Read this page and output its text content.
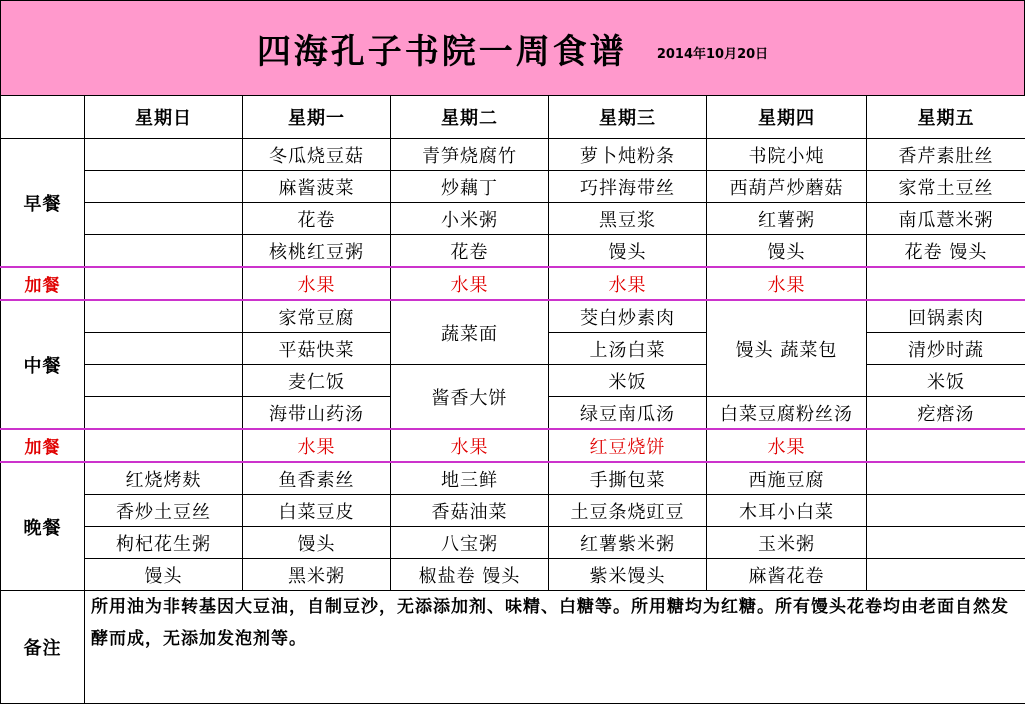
四海孔子书院一周食谱 2014年10月20日
	星期日	星期一	星期二	星期三	星期四	星期五
早餐		冬瓜烧豆菇	青笋烧腐竹	萝卜炖粉条	书院小炖	香芹素肚丝
		麻酱菠菜	炒藕丁	巧拌海带丝	西葫芦炒蘑菇	家常土豆丝
		花卷	小米粥	黑豆浆	红薯粥	南瓜薏米粥
		核桃红豆粥	花卷	馒头	馒头	花卷 馒头
加餐		水果	水果	水果	水果	
中餐		家常豆腐	蔬菜面	茭白炒素肉	馒头 蔬菜包	回锅素肉
		平菇快菜		上汤白菜		清炒时蔬
		麦仁饭	酱香大饼	米饭		米饭
		海带山药汤		绿豆南瓜汤	白菜豆腐粉丝汤	疙瘩汤
加餐		水果	水果	红豆烧饼	水果	
晚餐	红烧烤麸	鱼香素丝	地三鲜	手撕包菜	西施豆腐	
	香炒土豆丝	白菜豆皮	香菇油菜	土豆条烧豇豆	木耳小白菜	
	枸杞花生粥	馒头	八宝粥	红薯紫米粥	玉米粥	
	馒头	黑米粥	椒盐卷 馒头	紫米馒头	麻酱花卷	
备注	所用油为非转基因大豆油，自制豆沙，无添添加剂、味精、白糖等。所用糖均为红糖。所有馒头花卷均由老面自然发酵而成，无添加发泡剂等。					
